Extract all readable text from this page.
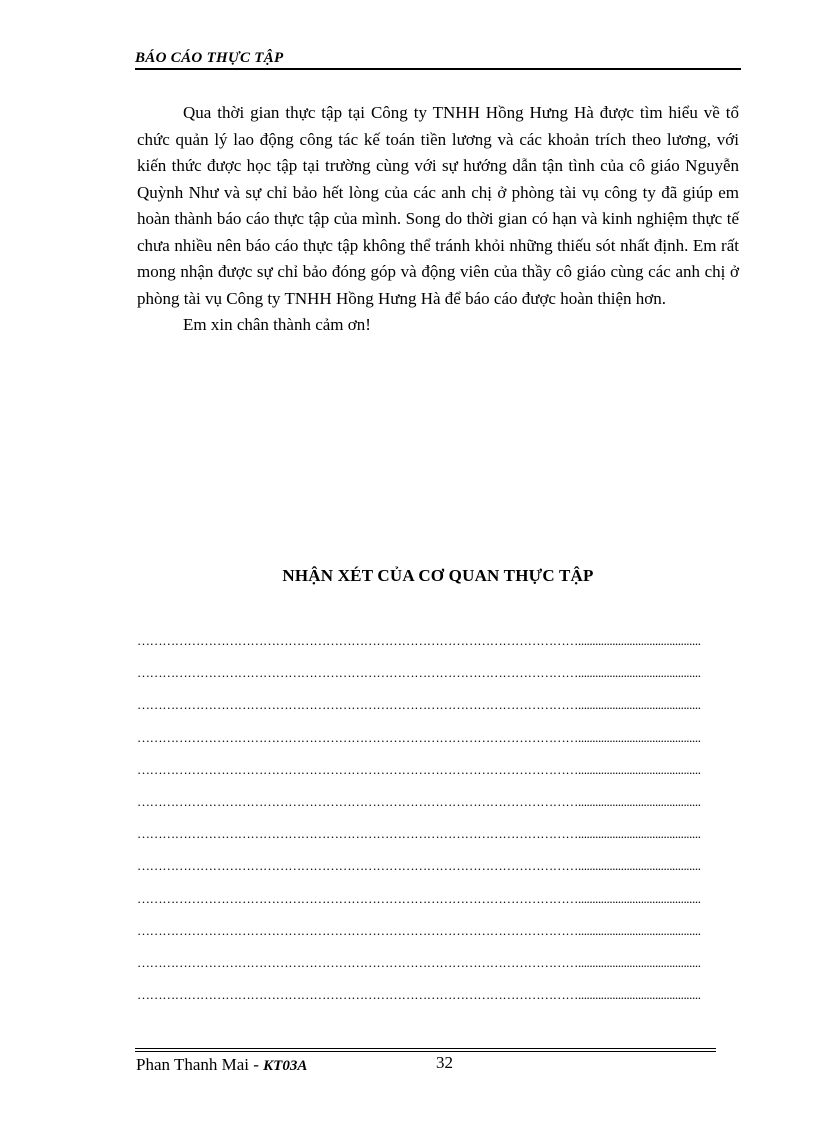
BÁO CÁO THỰC TẬP

Qua thời gian thực tập tại Công ty TNHH Hồng Hưng Hà được tìm hiểu về tổ chức quản lý lao động công tác kế toán tiền lương và các khoản trích theo lương, với kiến thức được học tập tại trường cùng với sự hướng dẫn tận tình của cô giáo Nguyễn Quỳnh Như và sự chỉ bảo hết lòng của các anh chị ở phòng tài vụ công ty đã giúp em hoàn thành báo cáo thực tập của mình. Song do thời gian có hạn và kinh nghiệm thực tế chưa nhiều nên báo cáo thực tập không thể tránh khỏi những thiếu sót nhất định. Em rất mong nhận được sự chỉ bảo đóng góp và động viên của thầy cô giáo cùng các anh chị ở phòng tài vụ Công ty TNHH Hồng Hưng Hà để báo cáo được hoàn thiện hơn.

Em xin chân thành cảm ơn!

NHẬN XÉT CỦA CƠ QUAN THỰC TẬP
……………………………………………………………………………………………...........................................
……………………………………………………………………………………………...........................................
……………………………………………………………………………………………...........................................
……………………………………………………………………………………………...........................................
……………………………………………………………………………………………...........................................
……………………………………………………………………………………………...........................................
……………………………………………………………………………………………...........................................
……………………………………………………………………………………………...........................................
……………………………………………………………………………………………...........................................
……………………………………………………………………………………………...........................................
……………………………………………………………………………………………...........................................
……………………………………………………………………………………………...........................................
Phan Thanh Mai - KT03A	32
